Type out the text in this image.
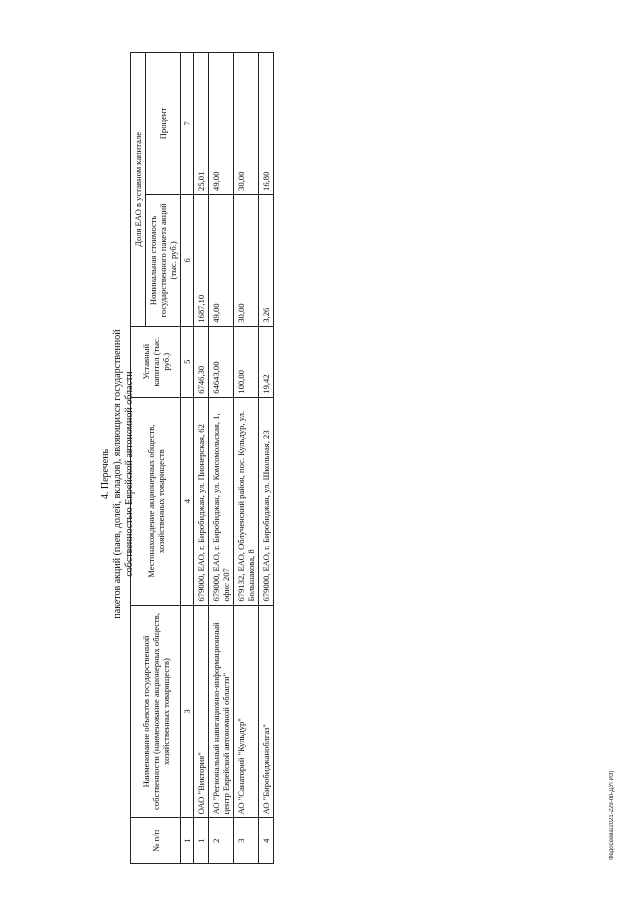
Федосеева/2021-229-пп-ДУГИЗ)
4. Перечень пакетов акций (паев, долей, вкладов), являющихся государственной собственностью Еврейской автономной области
№ п/п	Наименование объектов государственной собственности (наименование акционерных обществ, хозяйственных товариществ)	Местонахождение акционерных обществ, хозяйственных товариществ	Уставный капитал (тыс. руб.)	Доля ЕАО в уставном капитале	
				Номинальная стоимость государственного пакета акций (тыс. руб.)	Процент
1	3	4	5	6	7
1	ОАО "Виктория"	679000, ЕАО, г. Биробиджан, ул. Пионерская, 62	6746,30	1687,10	25,01
2	АО "Региональный навигационно-информационный центр Еврейской автономной области"	679000, ЕАО, г. Биробиджан, ул. Комсомольская, 1, офис 207	64643,00	49,00	49,00
3	АО "Санаторий "Кульдур"	679132, ЕАО, Облученский район, пос. Кульдур, ул. Большакова, 8	100,00	30,00	30,00
4	АО "Биробиджаноблгаз"	679000, ЕАО, г. Биробиджан, ул. Школьная, 23	19,42	3,26	16,80
